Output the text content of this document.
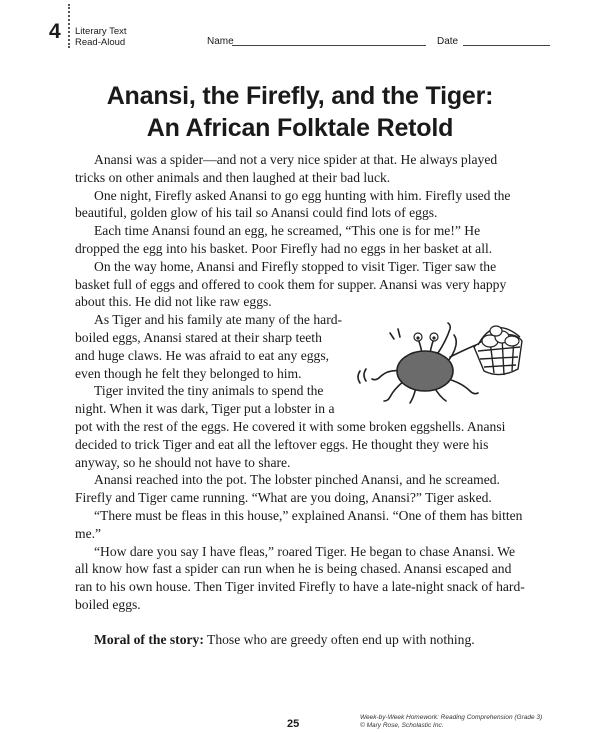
4 Literary Text
Read-Aloud	Name	Date
Anansi, the Firefly, and the Tiger:
An African Folktale Retold

Anansi was a spider—and not a very nice spider at that. He always played tricks on other animals and then laughed at their bad luck.

One night, Firefly asked Anansi to go egg hunting with him. Firefly used the beautiful, golden glow of his tail so Anansi could find lots of eggs.

Each time Anansi found an egg, he screamed, “This one is for me!” He dropped the egg into his basket. Poor Firefly had no eggs in her basket at all.

On the way home, Anansi and Firefly stopped to visit Tiger. Tiger saw the basket full of eggs and offered to cook them for supper. Anansi was very happy about this. He did not like raw eggs.

As Tiger and his family ate many of the hard-boiled eggs, Anansi stared at their sharp teeth and huge claws. He was afraid to eat any eggs, even though he felt they belonged to him.

Tiger invited the tiny animals to spend the night. When it was dark, Tiger put a lobster in a pot with the rest of the eggs. He covered it with some broken eggshells. Anansi decided to trick Tiger and eat all the leftover eggs. He thought they were his anyway, so he should not have to share.

Anansi reached into the pot. The lobster pinched Anansi, and he screamed. Firefly and Tiger came running. “What are you doing, Anansi?” Tiger asked.

“There must be fleas in this house,” explained Anansi. “One of them has bitten me.”

“How dare you say I have fleas,” roared Tiger. He began to chase Anansi. We all know how fast a spider can run when he is being chased. Anansi escaped and ran to his own house. Then Tiger invited Firefly to have a late-night snack of hard-boiled eggs.

Moral of the story: Those who are greedy often end up with nothing.

25
Week-by-Week Homework: Reading Comprehension (Grade 3)
© Mary Rose, Scholastic Inc.
